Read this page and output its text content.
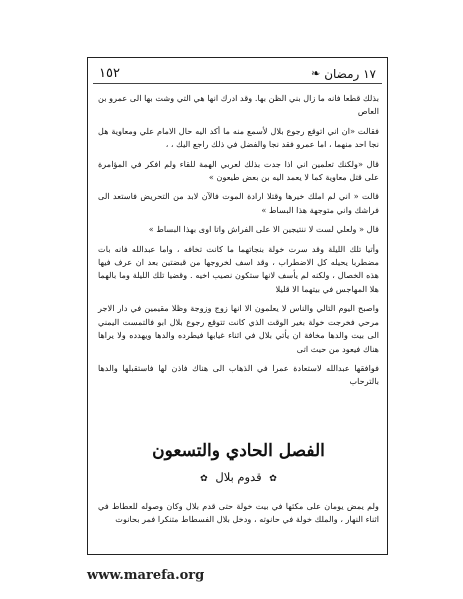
١٥٢	❧ ١٧ رمضان

بذلك قطعا فانه ما زال بني الظن بها. وقد ادرك انها هي التي وشت بها الى عمرو بن العاص

فقالت «ان اني اتوقع رجوع بلال لأسمع منه ما أكد اليه حال الامام علي ومعاوية هل نجا احد منهما ، اما عمرو فقد نجا والفضل في ذلك راجع اليك ، ،

قال «ولكنك تعلمين اني اذا جدت بذلك لعربي الهمة للقاء ولم افكر في المؤامرة على قتل معاوية كما لا يعمد اليه بن بعض طيعون »

قالت « اني لم املك خيرها وقتلا ارادة الموت فالآن لابد من التحريض فاستعد الى فراشك واني متوجهة هذا البساط »

قال « ولعلي لست لا ننتيجين الا على الفراش واتا اوى بهذا البساط »

وأتيا تلك الليلة وقد سرت خولة بنجاتهما ما كانت تخافه ، واما عبدالله فانه بات مضطربا يحيله كل الاضطراب ، وقد اسف لخروجها من قبضتين بعد ان عرف فيها هذه الخصال ، ولكنه لم يأسف لانها ستكون نصيب اخيه . وقضيا تلك الليلة وما بالهما هلا المهاجس في بيتهما الا قليلا

واصبح اليوم التالي والناس لا يعلمون الا انها زوج وزوجة وظلا مقيمين في دار الاجر مرحي فخرجت خولة بغير الوقت الذي كانت تتوقع رجوع بلال ابو فالتمست اليمني الى بيت والدها مخافة ان يأتي بلال في اثناء غيابها فيطرده والدها ويهدده ولا يراها هناك فيعود من حيث اتى

فوافقها عبدالله لاستعادة عمرا في الذهاب الى هناك فاذن لها فاستقبلها والدها بالترحاب

الفصل الحادي والتسعون

✿ قدوم بلال ✿

ولم يمض يومان على مكثها في بيت خولة حتى قدم بلال وكان وصوله للعطاط في اثناء النهار ، والملك خولة في حانوته ، ودخل بلال الفسطاط متنكرا فمر بحانوت

www.marefa.org
